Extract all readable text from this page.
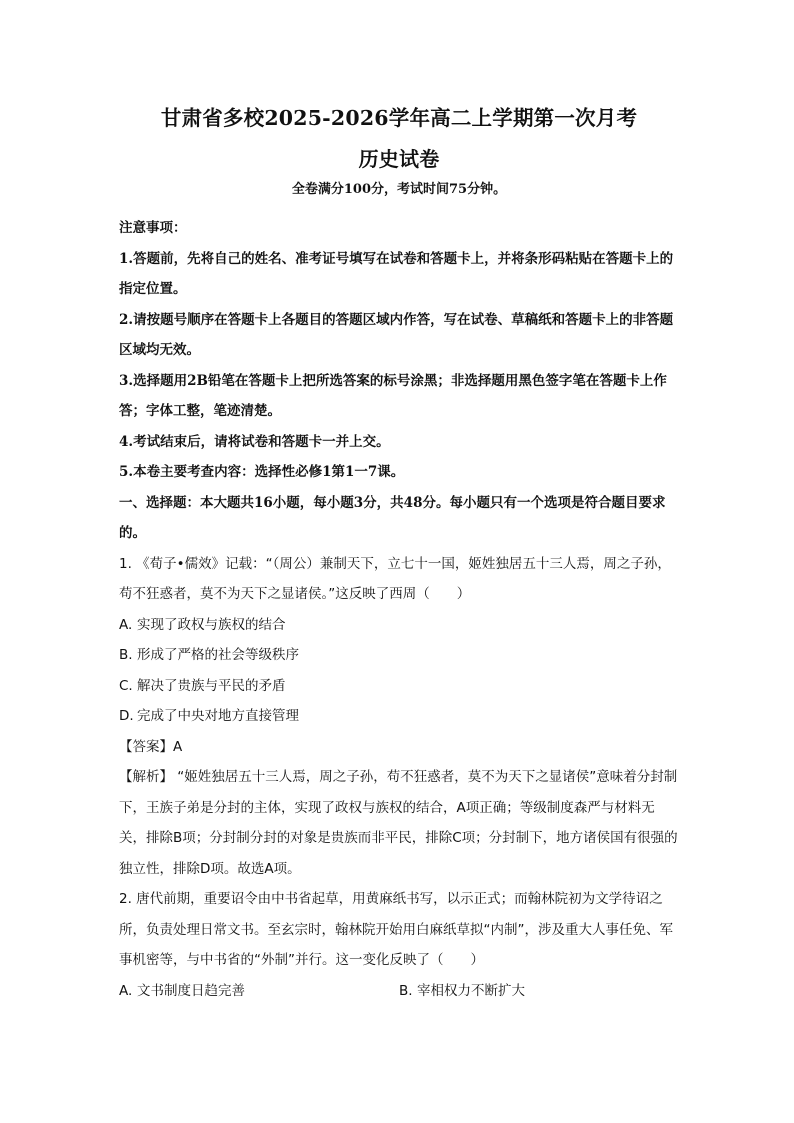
甘肃省多校2025-2026学年高二上学期第一次月考

历史试卷

全卷满分100分，考试时间75分钟。

注意事项：

1.答题前，先将自己的姓名、准考证号填写在试卷和答题卡上，并将条形码粘贴在答题卡上的指定位置。

2.请按题号顺序在答题卡上各题目的答题区域内作答，写在试卷、草稿纸和答题卡上的非答题区域均无效。

3.选择题用2B铅笔在答题卡上把所选答案的标号涂黑；非选择题用黑色签字笔在答题卡上作答；字体工整，笔迹清楚。

4.考试结束后，请将试卷和答题卡一并上交。

5.本卷主要考查内容：选择性必修1第1一7课。

一、选择题：本大题共16小题，每小题3分，共48分。每小题只有一个选项是符合题目要求的。

1. 《荀子•儒效》记载：“（周公）兼制天下，立七十一国，姬姓独居五十三人焉，周之子孙，苟不狂惑者，莫不为天下之显诸侯。”这反映了西周（　　）

A. 实现了政权与族权的结合

B. 形成了严格的社会等级秩序

C. 解决了贵族与平民的矛盾

D. 完成了中央对地方直接管理

【答案】A

【解析】 “姬姓独居五十三人焉，周之子孙，苟不狂惑者，莫不为天下之显诸侯”意味着分封制下，王族子弟是分封的主体，实现了政权与族权的结合，A项正确；等级制度森严与材料无关，排除B项；分封制分封的对象是贵族而非平民，排除C项；分封制下，地方诸侯国有很强的独立性，排除D项。故选A项。

2. 唐代前期，重要诏令由中书省起草，用黄麻纸书写，以示正式；而翰林院初为文学待诏之所，负责处理日常文书。至玄宗时，翰林院开始用白麻纸草拟“内制”，涉及重大人事任免、军事机密等，与中书省的“外制”并行。这一变化反映了（　　）

A. 文书制度日趋完善	B. 宰相权力不断扩大
